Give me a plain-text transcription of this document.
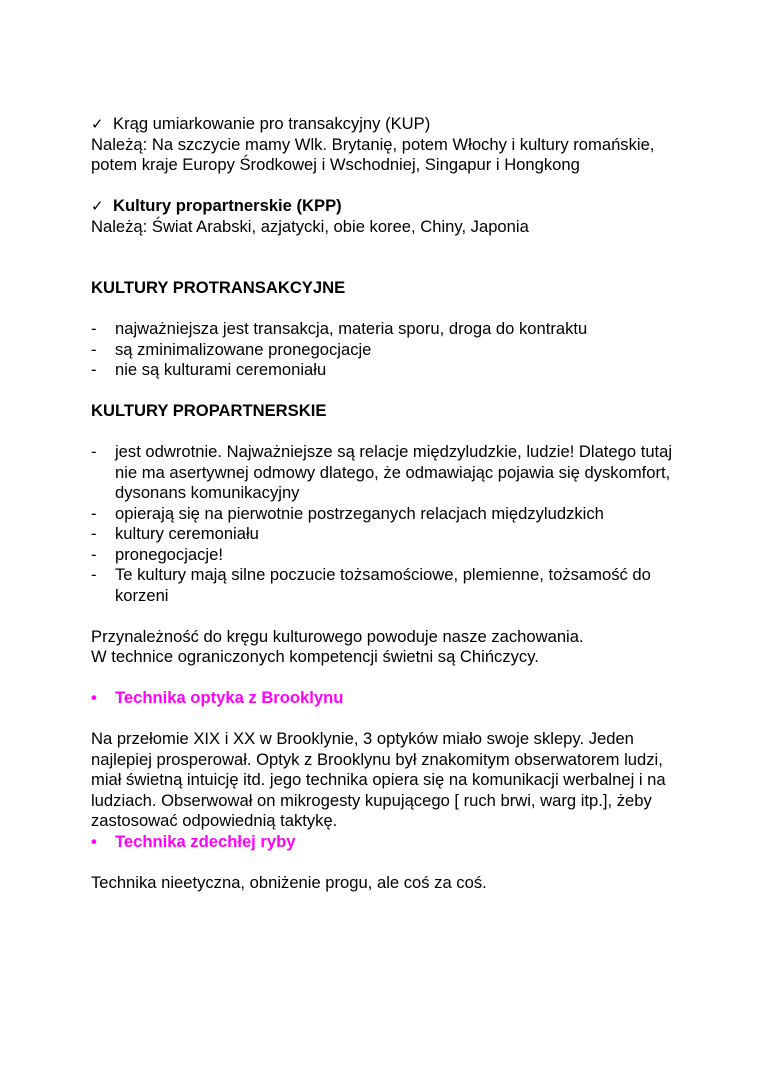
✓ Krąg umiarkowanie pro transakcyjny (KUP)

Należą: Na szczycie mamy Wlk. Brytanię, potem Włochy i kultury romańskie, potem kraje Europy Środkowej i Wschodniej, Singapur i Hongkong

✓ Kultury propartnerskie (KPP)

Należą: Świat Arabski, azjatycki, obie koree, Chiny, Japonia

KULTURY PROTRANSAKCYJNE

-	najważniejsza jest transakcja, materia sporu, droga do kontraktu
-	są zminimalizowane pronegocjacje
-	nie są kulturami ceremoniału

KULTURY PROPARTNERSKIE

-	jest odwrotnie. Najważniejsze są relacje międzyludzkie, ludzie! Dlatego tutaj nie ma asertywnej odmowy dlatego, że odmawiając pojawia się dyskomfort, dysonans komunikacyjny
-	opierają się na pierwotnie postrzeganych relacjach międzyludzkich
-	kultury ceremoniału
-	pronegocjacje!
-	Te kultury mają silne poczucie tożsamościowe, plemienne, tożsamość do korzeni

Przynależność do kręgu kulturowego powoduje nasze zachowania.

W technice ograniczonych kompetencji świetni są Chińczycy.

•	Technika optyka z Brooklynu

Na przełomie XIX i XX w Brooklynie, 3 optyków miało swoje sklepy. Jeden najlepiej prosperował. Optyk z Brooklynu był znakomitym obserwatorem ludzi, miał świetną intuicję itd. jego technika opiera się na komunikacji werbalnej i na ludziach. Obserwował on mikrogesty kupującego [ ruch brwi, warg itp.], żeby zastosować odpowiednią taktykę.

•	Technika zdechłej ryby

Technika nieetyczna, obniżenie progu, ale coś za coś.
